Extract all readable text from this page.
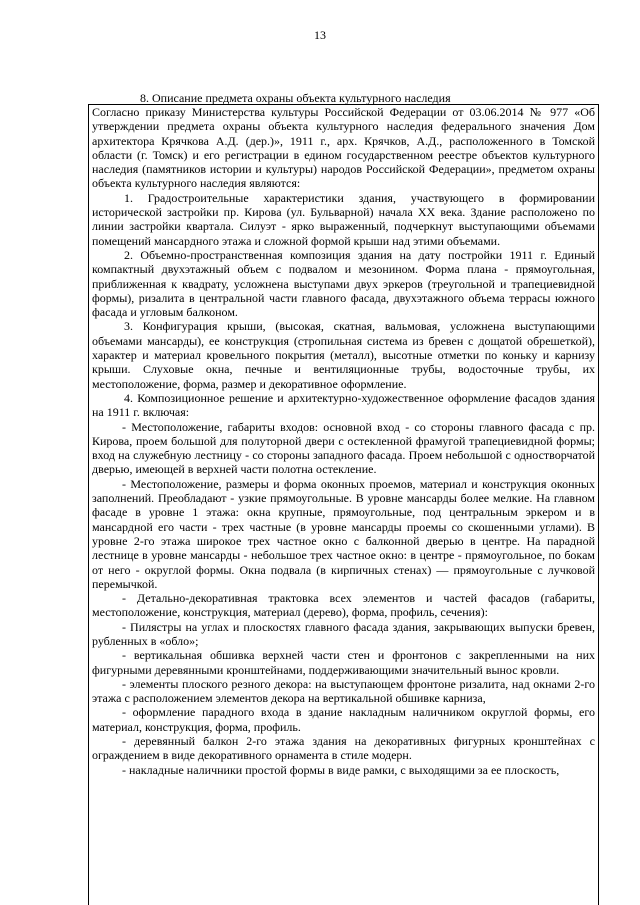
13
8. Описание предмета охраны объекта культурного наследия

Согласно приказу Министерства культуры Российской Федерации от 03.06.2014 № 977 «Об утверждении предмета охраны объекта культурного наследия федерального значения Дом архитектора Крячкова А.Д. (дер.)», 1911 г., арх. Крячков, А.Д., расположенного в Томской области (г. Томск) и его регистрации в едином государственном реестре объектов культурного наследия (памятников истории и культуры) народов Российской Федерации», предметом охраны объекта культурного наследия являются:

1. Градостроительные характеристики здания, участвующего в формировании исторической застройки пр. Кирова (ул. Бульварной) начала ХХ века. Здание расположено по линии застройки квартала. Силуэт - ярко выраженный, подчеркнут выступающими объемами помещений мансардного этажа и сложной формой крыши над этими объемами.

2. Объемно-пространственная композиция здания на дату постройки 1911 г. Единый компактный двухэтажный объем с подвалом и мезонином. Форма плана - прямоугольная, приближенная к квадрату, усложнена выступами двух эркеров (треугольной и трапециевидной формы), ризалита в центральной части главного фасада, двухэтажного объема террасы южного фасада и угловым балконом.

3. Конфигурация крыши, (высокая, скатная, вальмовая, усложнена выступающими объемами мансарды), ее конструкция (стропильная система из бревен с дощатой обрешеткой), характер и материал кровельного покрытия (металл), высотные отметки по коньку и карнизу крыши. Слуховые окна, печные и вентиляционные трубы, водосточные трубы, их местоположение, форма, размер и декоративное оформление.

4. Композиционное решение и архитектурно-художественное оформление фасадов здания на 1911 г. включая:

- Местоположение, габариты входов: основной вход - со стороны главного фасада с пр. Кирова, проем большой для полуторной двери с остекленной фрамугой трапециевидной формы; вход на служебную лестницу - со стороны западного фасада. Проем небольшой с одностворчатой дверью, имеющей в верхней части полотна остекление.

- Местоположение, размеры и форма оконных проемов, материал и конструкция оконных заполнений. Преобладают - узкие прямоугольные. В уровне мансарды более мелкие. На главном фасаде в уровне 1 этажа: окна крупные, прямоугольные, под центральным эркером и в мансардной его части - трех частные (в уровне мансарды проемы со скошенными углами). В уровне 2-го этажа широкое трех частное окно с балконной дверью в центре. На парадной лестнице в уровне мансарды - небольшое трех частное окно: в центре - прямоугольное, по бокам от него - округлой формы. Окна подвала (в кирпичных стенах) — прямоугольные с лучковой перемычкой.

- Детально-декоративная трактовка всех элементов и частей фасадов (габариты, местоположение, конструкция, материал (дерево), форма, профиль, сечения):

- Пилястры на углах и плоскостях главного фасада здания, закрывающих выпуски бревен, рубленных в «обло»;

- вертикальная обшивка верхней части стен и фронтонов с закрепленными на них фигурными деревянными кронштейнами, поддерживающими значительный вынос кровли.

- элементы плоского резного декора: на выступающем фронтоне ризалита, над окнами 2-го этажа с расположением элементов декора на вертикальной обшивке карниза,

- оформление парадного входа в здание накладным наличником округлой формы, его материал, конструкция, форма, профиль.

- деревянный балкон 2-го этажа здания на декоративных фигурных кронштейнах с ограждением в виде декоративного орнамента в стиле модерн.

- накладные наличники простой формы в виде рамки, с выходящими за ее плоскость,
